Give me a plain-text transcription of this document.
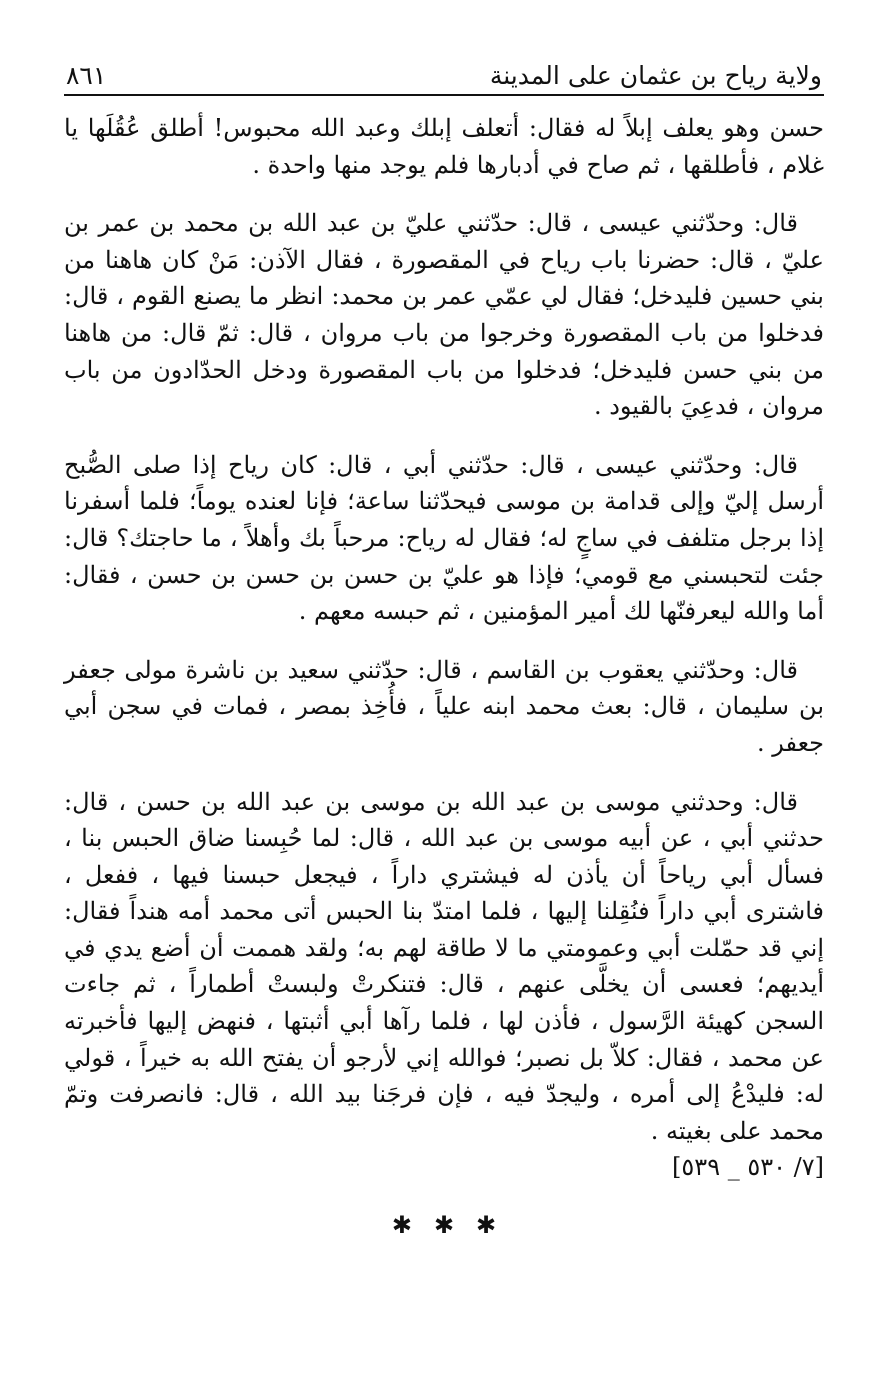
ولاية رياح بن عثمان على المدينة
٨٦١

حسن وهو يعلف إبلاً له فقال: أتعلف إبلك وعبد الله محبوس! أطلق عُقُلَها يا غلام ، فأطلقها ، ثم صاح في أدبارها فلم يوجد منها واحدة .

قال: وحدّثني عيسى ، قال: حدّثني عليّ بن عبد الله بن محمد بن عمر بن عليّ ، قال: حضرنا باب رياح في المقصورة ، فقال الآذن: مَنْ كان هاهنا من بني حسين فليدخل؛ فقال لي عمّي عمر بن محمد: انظر ما يصنع القوم ، قال: فدخلوا من باب المقصورة وخرجوا من باب مروان ، قال: ثمّ قال: من هاهنا من بني حسن فليدخل؛ فدخلوا من باب المقصورة ودخل الحدّادون من باب مروان ، فدعِيَ بالقيود .

قال: وحدّثني عيسى ، قال: حدّثني أبي ، قال: كان رياح إذا صلى الصُّبح أرسل إليّ وإلى قدامة بن موسى فيحدّثنا ساعة؛ فإنا لعنده يوماً؛ فلما أسفرنا إذا برجل متلفف في ساجٍ له؛ فقال له رياح: مرحباً بك وأهلاً ، ما حاجتك؟ قال: جئت لتحبسني مع قومي؛ فإذا هو عليّ بن حسن بن حسن بن حسن ، فقال: أما والله ليعرفنّها لك أمير المؤمنين ، ثم حبسه معهم .

قال: وحدّثني يعقوب بن القاسم ، قال: حدّثني سعيد بن ناشرة مولى جعفر بن سليمان ، قال: بعث محمد ابنه علياً ، فأُخِذ بمصر ، فمات في سجن أبي جعفر .

قال: وحدثني موسى بن عبد الله بن موسى بن عبد الله بن حسن ، قال: حدثني أبي ، عن أبيه موسى بن عبد الله ، قال: لما حُبِسنا ضاق الحبس بنا ، فسأل أبي رياحاً أن يأذن له فيشتري داراً ، فيجعل حبسنا فيها ، ففعل ، فاشترى أبي داراً فنُقِلنا إليها ، فلما امتدّ بنا الحبس أتى محمد أمه هنداً فقال: إني قد حمّلت أبي وعمومتي ما لا طاقة لهم به؛ ولقد هممت أن أضع يدي في أيديهم؛ فعسى أن يخلَّى عنهم ، قال: فتنكرتْ ولبستْ أطماراً ، ثم جاءت السجن كهيئة الرَّسول ، فأذن لها ، فلما رآها أبي أثبتها ، فنهض إليها فأخبرته عن محمد ، فقال: كلاّ بل نصبر؛ فوالله إني لأرجو أن يفتح الله به خيراً ، قولي له: فليدْعُ إلى أمره ، وليجدّ فيه ، فإن فرجَنا بيد الله ، قال: فانصرفت وتمّ محمد على بغيته .

[٧/ ٥٣٠ _ ٥٣٩]
✱ ✱ ✱
